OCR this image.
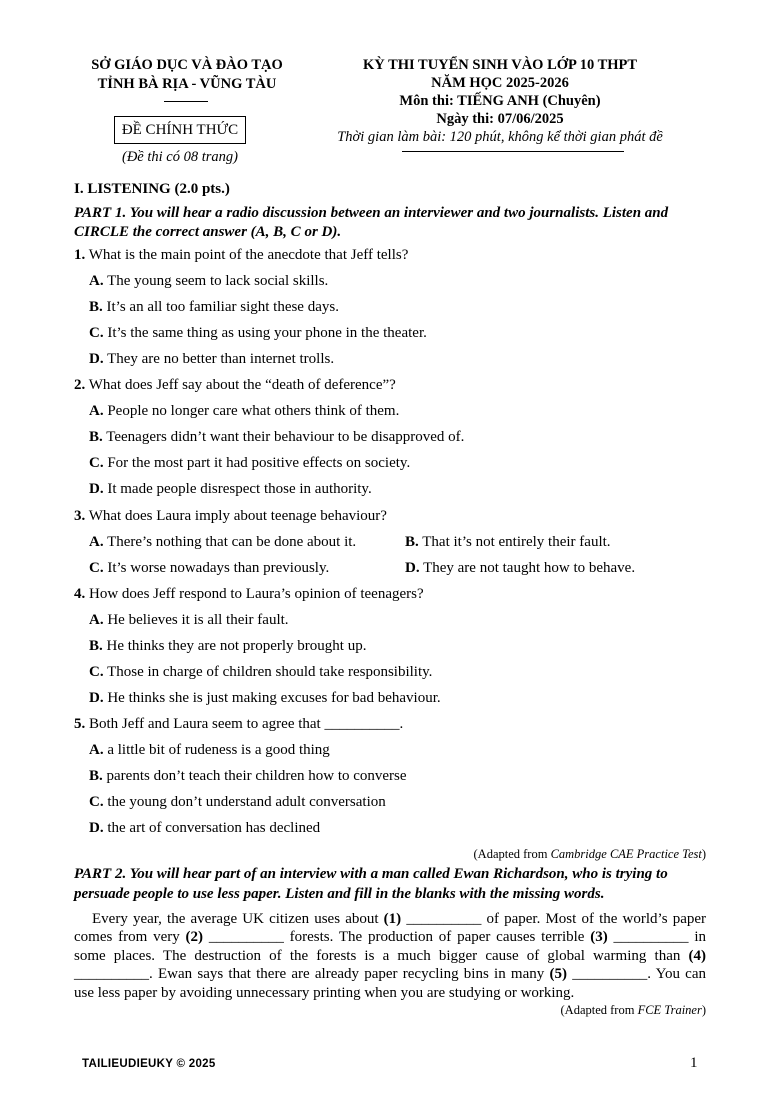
SỞ GIÁO DỤC VÀ ĐÀO TẠO
TỈNH BÀ RỊA - VŨNG TÀU
ĐỀ CHÍNH THỨC
(Đề thi có 08 trang)
KỲ THI TUYỂN SINH VÀO LỚP 10 THPT
NĂM HỌC 2025-2026
Môn thi: TIẾNG ANH (Chuyên)
Ngày thi: 07/06/2025
Thời gian làm bài: 120 phút, không kể thời gian phát đề
I. LISTENING (2.0 pts.)
PART 1. You will hear a radio discussion between an interviewer and two journalists. Listen and
CIRCLE the correct answer (A, B, C or D).
1. What is the main point of the anecdote that Jeff tells?
A. The young seem to lack social skills.
B. It’s an all too familiar sight these days.
C. It’s the same thing as using your phone in the theater.
D. They are no better than internet trolls.
2. What does Jeff say about the “death of deference”?
A. People no longer care what others think of them.
B. Teenagers didn’t want their behaviour to be disapproved of.
C. For the most part it had positive effects on society.
D. It made people disrespect those in authority.
3. What does Laura imply about teenage behaviour?
A. There’s nothing that can be done about it.	B. That it’s not entirely their fault.
C. It’s worse nowadays than previously.	D. They are not taught how to behave.
4. How does Jeff respond to Laura’s opinion of teenagers?
A. He believes it is all their fault.
B. He thinks they are not properly brought up.
C. Those in charge of children should take responsibility.
D. He thinks she is just making excuses for bad behaviour.
5. Both Jeff and Laura seem to agree that __________.
A. a little bit of rudeness is a good thing
B. parents don’t teach their children how to converse
C. the young don’t understand adult conversation
D. the art of conversation has declined
(Adapted from Cambridge CAE Practice Test)
PART 2. You will hear part of an interview with a man called Ewan Richardson, who is trying to
persuade people to use less paper. Listen and fill in the blanks with the missing words.
Every year, the average UK citizen uses about (1) __________ of paper. Most of the world’s paper comes from very (2) __________ forests. The production of paper causes terrible (3) __________ in some places. The destruction of the forests is a much bigger cause of global warming than (4) __________. Ewan says that there are already paper recycling bins in many (5) __________. You can use less paper by avoiding unnecessary printing when you are studying or working.
(Adapted from FCE Trainer)
TAILIEUDIEUKY © 2025	1
